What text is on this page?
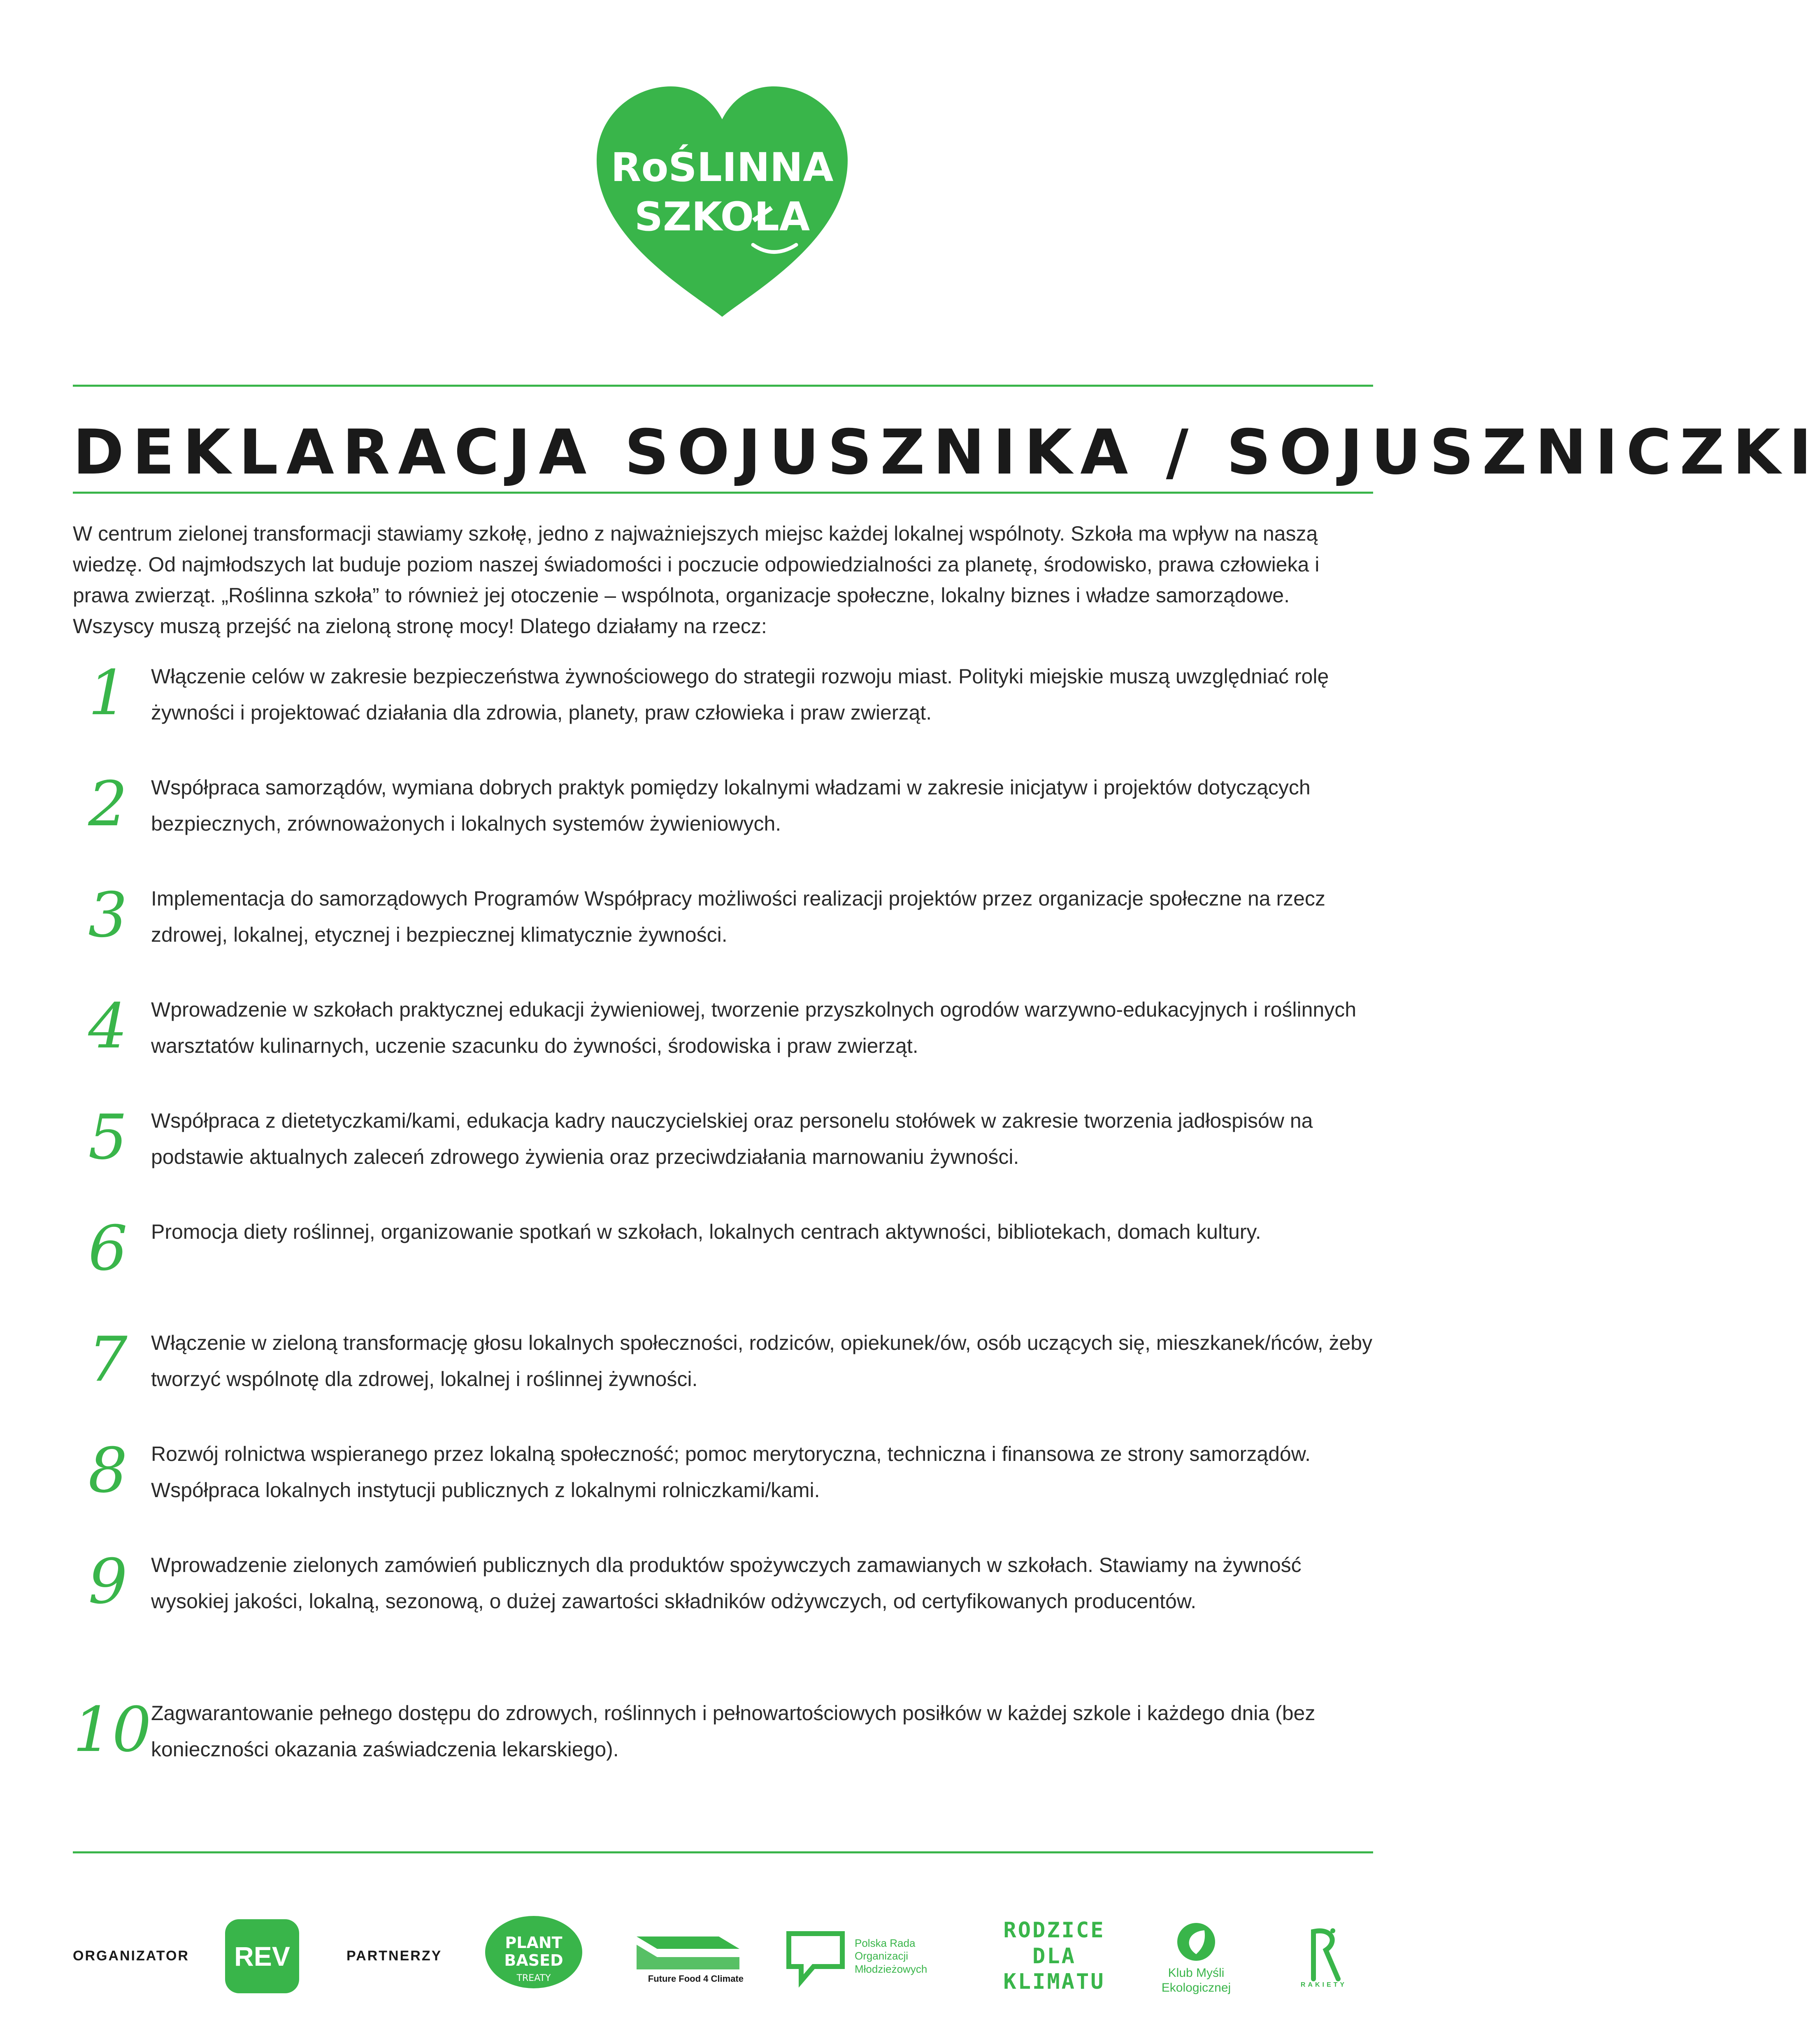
RoŚLINNA
SZKOŁA
DEKLARACJA SOJUSZNIKA / SOJUSZNICZKI

W centrum zielonej transformacji stawiamy szkołę, jedno z najważniejszych miejsc każdej lokalnej wspólnoty. Szkoła ma wpływ na naszą wiedzę. Od najmłodszych lat buduje poziom naszej świadomości i poczucie odpowiedzialności za planetę, środowisko, prawa człowieka i prawa zwierząt. „Roślinna szkoła” to również jej otoczenie – wspólnota, organizacje społeczne, lokalny biznes i władze samorządowe. Wszyscy muszą przejść na zieloną stronę mocy! Dlatego działamy na rzecz:

1	Włączenie celów w zakresie bezpieczeństwa żywnościowego do strategii rozwoju miast. Polityki miejskie muszą uwzględniać rolę żywności i projektować działania dla zdrowia, planety, praw człowieka i praw zwierząt.
2	Współpraca samorządów, wymiana dobrych praktyk pomiędzy lokalnymi władzami w zakresie inicjatyw i projektów dotyczących bezpiecznych, zrównoważonych i lokalnych systemów żywieniowych.
3	Implementacja do samorządowych Programów Współpracy możliwości realizacji projektów przez organizacje społeczne na rzecz zdrowej, lokalnej, etycznej i bezpiecznej klimatycznie żywności.
4	Wprowadzenie w szkołach praktycznej edukacji żywieniowej, tworzenie przyszkolnych ogrodów warzywno-edukacyjnych i roślinnych warsztatów kulinarnych, uczenie szacunku do żywności, środowiska i praw zwierząt.
5	Współpraca z dietetyczkami/kami, edukacja kadry nauczycielskiej oraz personelu stołówek w zakresie tworzenia jadłospisów na podstawie aktualnych zaleceń zdrowego żywienia oraz przeciwdziałania marnowaniu żywności.
6	Promocja diety roślinnej, organizowanie spotkań w szkołach, lokalnych centrach aktywności, bibliotekach, domach kultury.
7	Włączenie w zieloną transformację głosu lokalnych społeczności, rodziców, opiekunek/ów, osób uczących się, mieszkanek/ńców, żeby tworzyć wspólnotę dla zdrowej, lokalnej i roślinnej żywności.
8	Rozwój rolnictwa wspieranego przez lokalną społeczność; pomoc merytoryczna, techniczna i finansowa ze strony samorządów. Współpraca lokalnych instytucji publicznych z lokalnymi rolniczkami/kami.
9	Wprowadzenie zielonych zamówień publicznych dla produktów spożywczych zamawianych w szkołach. Stawiamy na żywność wysokiej jakości, lokalną, sezonową, o dużej zawartości składników odżywczych, od certyfikowanych producentów.
10 Zagwarantowanie pełnego dostępu do zdrowych, roślinnych i pełnowartościowych posiłków w każdej szkole i każdego dnia (bez konieczności okazania zaświadczenia lekarskiego).
ORGANIZATOR	REV	PARTNERZY
PLANT
BASED
TREATY	Future Food 4 Climate
Polska Rada Organizacji Młodzieżowych
RODZICE DLA KLIMATU	Klub Myśli Ekologicznej	RAKIETY
